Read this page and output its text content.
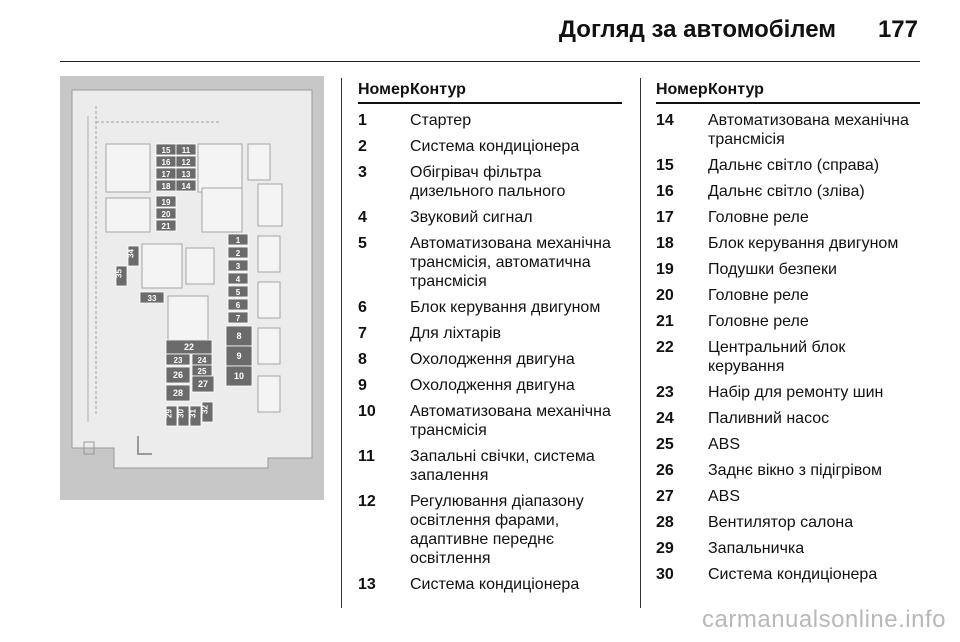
Догляд за автомобілем 177
15 11
16 12
17 13
18 14
19
20
21
1
2
3
4
5
6
7
8
9
10
34
35
33
22
23 24
25
26
27
28
29 30 31 32
Номер Контур
1	Стартер
2	Система кондиціонера
3	Обігрівач фільтра дизельного пального
4	Звуковий сигнал
5	Автоматизована механічна трансмісія, автоматична трансмісія
6	Блок керування двигуном
7	Для ліхтарів
8	Охолодження двигуна
9	Охолодження двигуна
10	Автоматизована механічна трансмісія
11	Запальні свічки, система запалення
12	Регулювання діапазону освітлення фарами, адаптивне переднє освітлення
13	Система кондиціонера
Номер Контур
14	Автоматизована механічна трансмісія
15	Дальнє світло (справа)
16	Дальнє світло (зліва)
17	Головне реле
18	Блок керування двигуном
19	Подушки безпеки
20	Головне реле
21	Головне реле
22	Центральний блок керування
23	Набір для ремонту шин
24	Паливний насос
25	ABS
26	Заднє вікно з підігрівом
27	ABS
28	Вентилятор салона
29	Запальничка
30	Система кондиціонера
carmanualsonline.info
